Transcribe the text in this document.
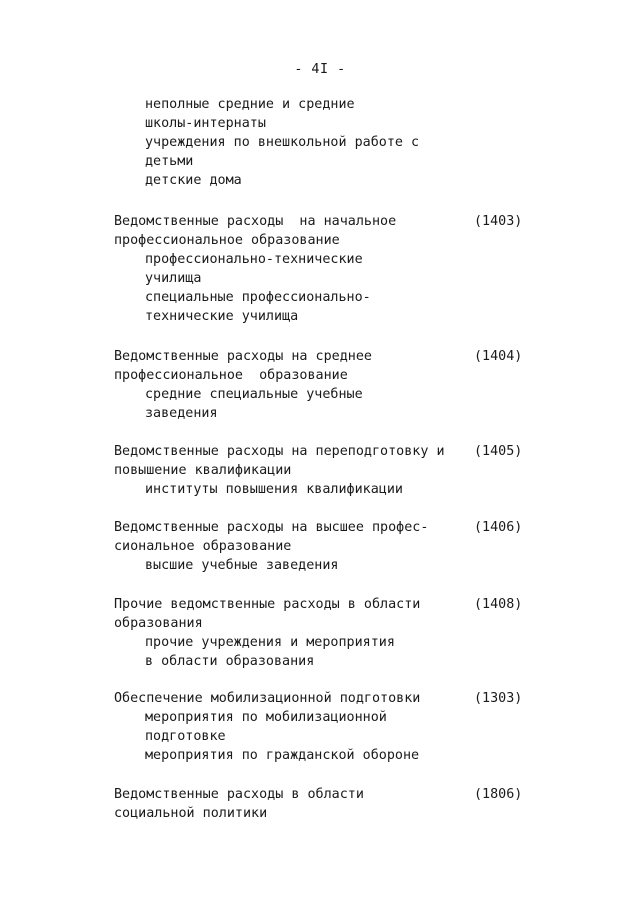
- 4I -
неполные средние и средние
школы-интернаты
учреждения по внешкольной работе с
детьми
детские дома
Ведомственные расходы  на начальное
профессиональное образование
профессионально-технические
училища
специальные профессионально-
технические училища
(1403)
Ведомственные расходы на среднее
профессиональное  образование
средние специальные учебные
заведения
(1404)
Ведомственные расходы на переподготовку и
повышение квалификации
институты повышения квалификации
(1405)
Ведомственные расходы на высшее профес-
сиональное образование
высшие учебные заведения
(1406)
Прочие ведомственные расходы в области
образования
прочие учреждения и мероприятия
в области образования
(1408)
Обеспечение мобилизационной подготовки
мероприятия по мобилизационной
подготовке
мероприятия по гражданской обороне
(1303)
Ведомственные расходы в области
социальной политики
(1806)
